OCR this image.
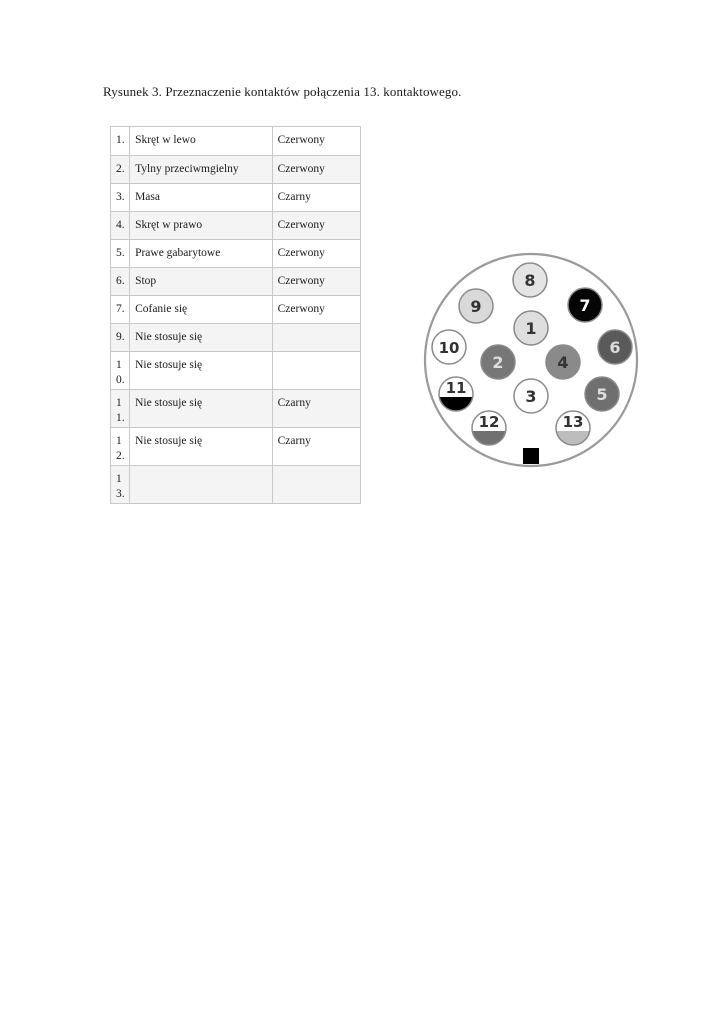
Rysunek 3. Przeznaczenie kontaktów połączenia 13. kontaktowego.
1.	Skręt w lewo	Czerwony
2.	Tylny przeciwmgielny	Czerwony
3.	Masa	Czarny
4.	Skręt w prawo	Czerwony
5.	Prawe gabarytowe	Czerwony
6.	Stop	Czerwony
7.	Cofanie się	Czerwony
9.	Nie stosuje się	
10.	Nie stosuje się	
11.	Nie stosuje się	Czarny
12.	Nie stosuje się	Czarny
13.		
8
9	7
1
10
2	4
6
11	3	5
12	13
